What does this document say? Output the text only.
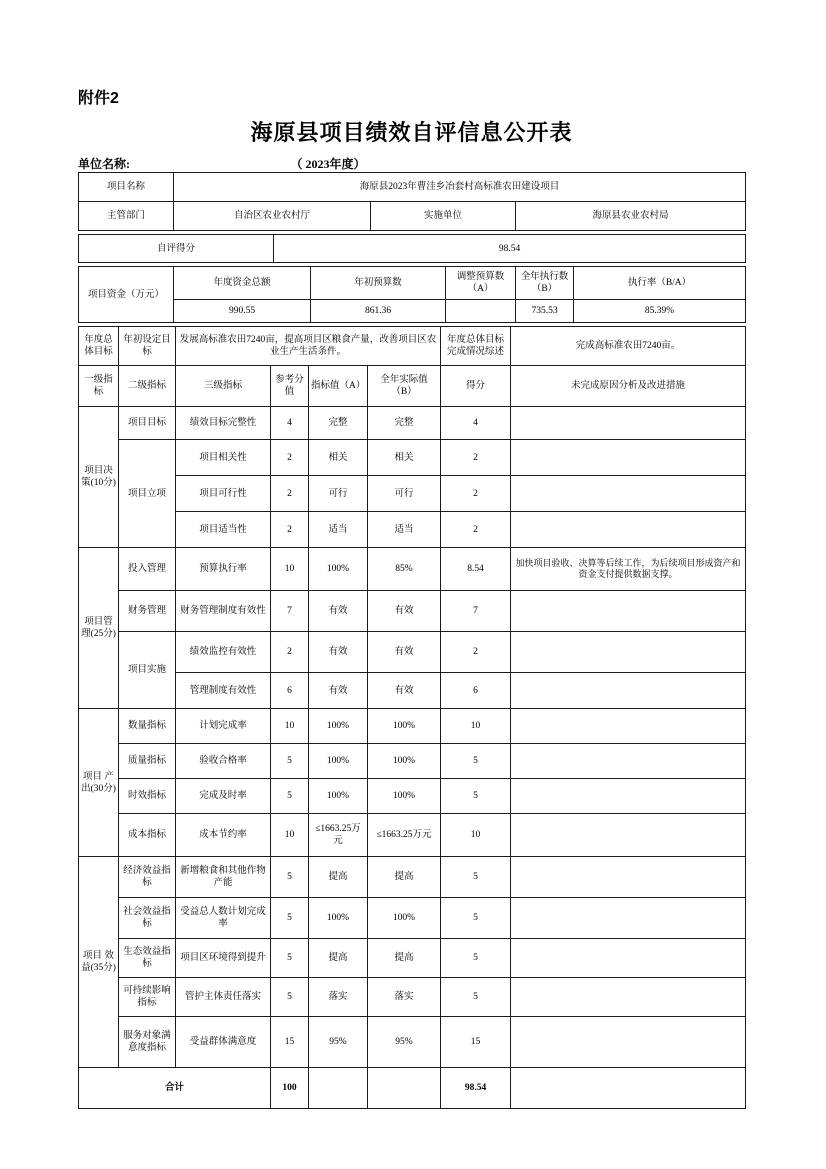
附件2
海原县项目绩效自评信息公开表
单位名称:	（ 2023年度）
项目名称	海原县2023年曹洼乡冶套村高标准农田建设项目		
主管部门	自治区农业农村厅	实施单位	海原县农业农村局
自评得分	98.54
项目资金（万元）	年度资金总额	年初预算数	调整预算数（A）	全年执行数（B）	执行率（B/A）
	990.55	861.36		735.53	85.39%
年度总体目标	年初设定目标	发展高标准农田7240亩，提高项目区粮食产量，改善项目区农业生产生活条件。				年度总体目标完成情况综述	完成高标准农田7240亩。
一级指标	二级指标	三级指标	参考分值	指标值（A）	全年实际值（B）	得分	未完成原因分析及改进措施
项目决策(10分)	项目目标	绩效目标完整性	4	完整	完整	4	
	项目立项	项目相关性	2	相关	相关	2	
		项目可行性	2	可行	可行	2	
		项目适当性	2	适当	适当	2	
项目管理(25分)	投入管理	预算执行率	10	100%	85%	8.54	加快项目验收、决算等后续工作，为后续项目形成资产和资金支付提供数据支撑。
	财务管理	财务管理制度有效性	7	有效	有效	7	
	项目实施	绩效监控有效性	2	有效	有效	2	
		管理制度有效性	6	有效	有效	6	
项目 产出(30分)	数量指标	计划完成率	10	100%	100%	10	
	质量指标	验收合格率	5	100%	100%	5	
	时效指标	完成及时率	5	100%	100%	5	
	成本指标	成本节约率	10	≤1663.25万元	≤1663.25万元	10	
项目 效益(35分)	经济效益指标	新增粮食和其他作物产能	5	提高	提高	5	
	社会效益指标	受益总人数计划完成率	5	100%	100%	5	
	生态效益指标	项目区环境得到提升	5	提高	提高	5	
	可持续影响指标	管护主体责任落实	5	落实	落实	5	
	服务对象满意度指标	受益群体满意度	15	95%	95%	15	
合计			100			98.54	
